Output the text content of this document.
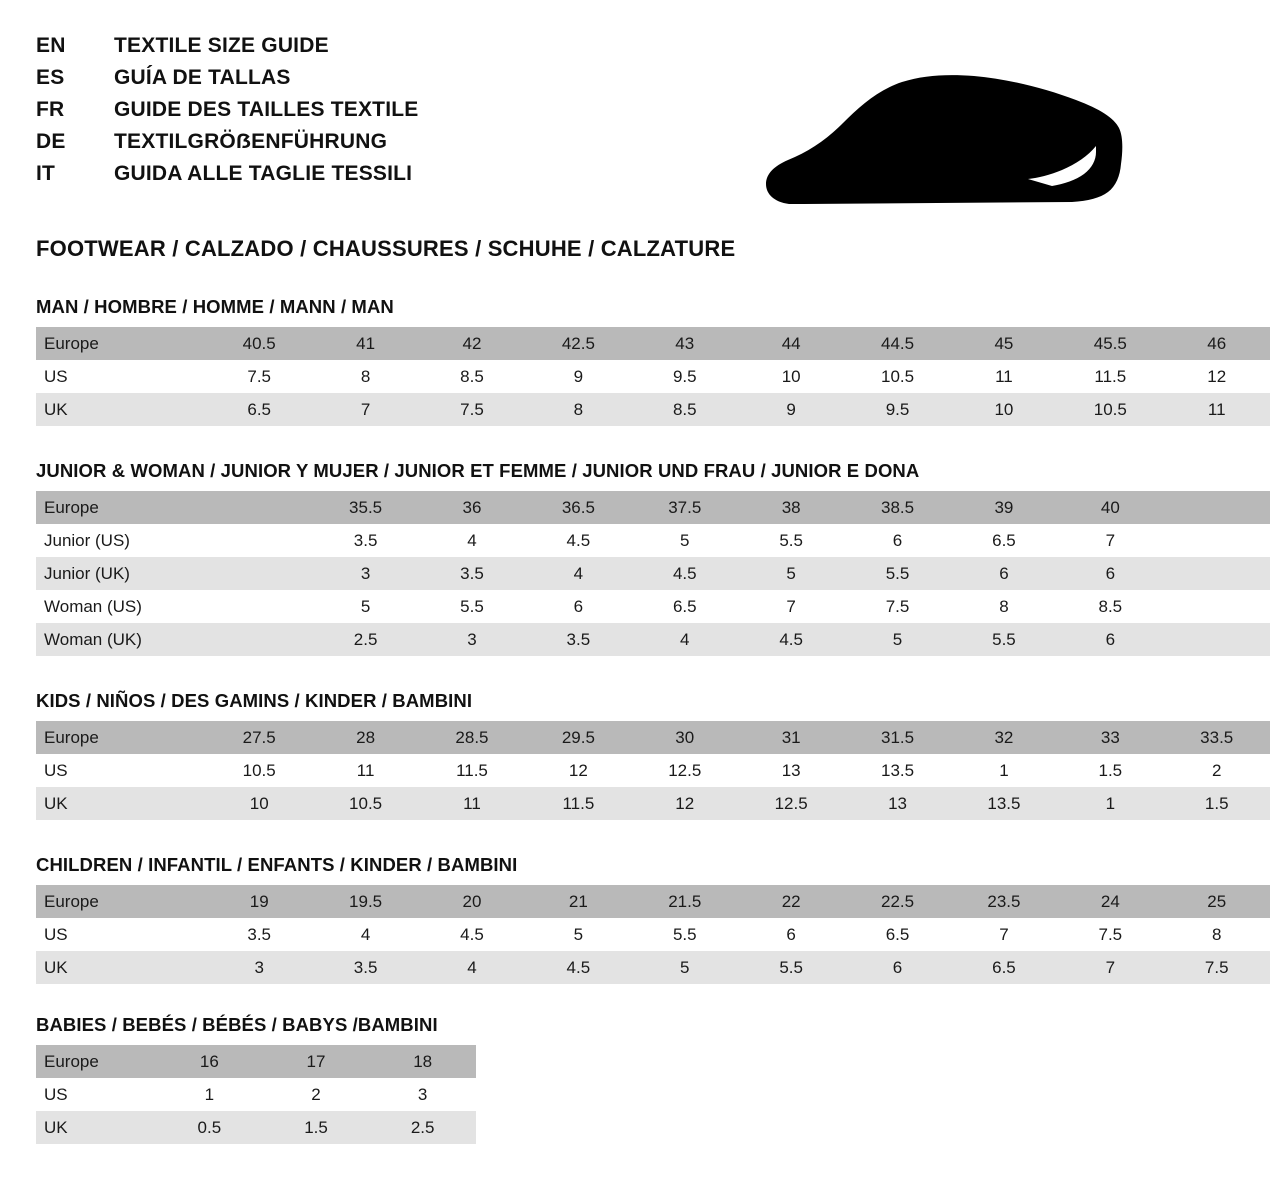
EN	TEXTILE SIZE GUIDE
ES	GUÍA DE TALLAS
FR	GUIDE DES TAILLES TEXTILE
DE	TEXTILGRÖẞENFÜHRUNG
IT	GUIDA ALLE TAGLIE TESSILI
FOOTWEAR / CALZADO / CHAUSSURES / SCHUHE / CALZATURE
MAN / HOMBRE / HOMME / MANN / MAN
Europe	40.5	41	42	42.5	43	44	44.5	45	45.5	46
US	7.5	8	8.5	9	9.5	10	10.5	11	11.5	12
UK	6.5	7	7.5	8	8.5	9	9.5	10	10.5	11
JUNIOR & WOMAN / JUNIOR Y MUJER / JUNIOR ET FEMME / JUNIOR UND FRAU / JUNIOR E DONA
Europe		35.5	36	36.5	37.5	38	38.5	39	40	
Junior (US)		3.5	4	4.5	5	5.5	6	6.5	7	
Junior (UK)		3	3.5	4	4.5	5	5.5	6	6	
Woman (US)		5	5.5	6	6.5	7	7.5	8	8.5	
Woman (UK)		2.5	3	3.5	4	4.5	5	5.5	6	
KIDS / NIÑOS / DES GAMINS / KINDER / BAMBINI
Europe	27.5	28	28.5	29.5	30	31	31.5	32	33	33.5
US	10.5	11	11.5	12	12.5	13	13.5	1	1.5	2
UK	10	10.5	11	11.5	12	12.5	13	13.5	1	1.5
CHILDREN / INFANTIL / ENFANTS / KINDER / BAMBINI
Europe	19	19.5	20	21	21.5	22	22.5	23.5	24	25
US	3.5	4	4.5	5	5.5	6	6.5	7	7.5	8
UK	3	3.5	4	4.5	5	5.5	6	6.5	7	7.5
BABIES / BEBÉS / BÉBÉS / BABYS /BAMBINI
Europe	16	17	18
US	1	2	3
UK	0.5	1.5	2.5
